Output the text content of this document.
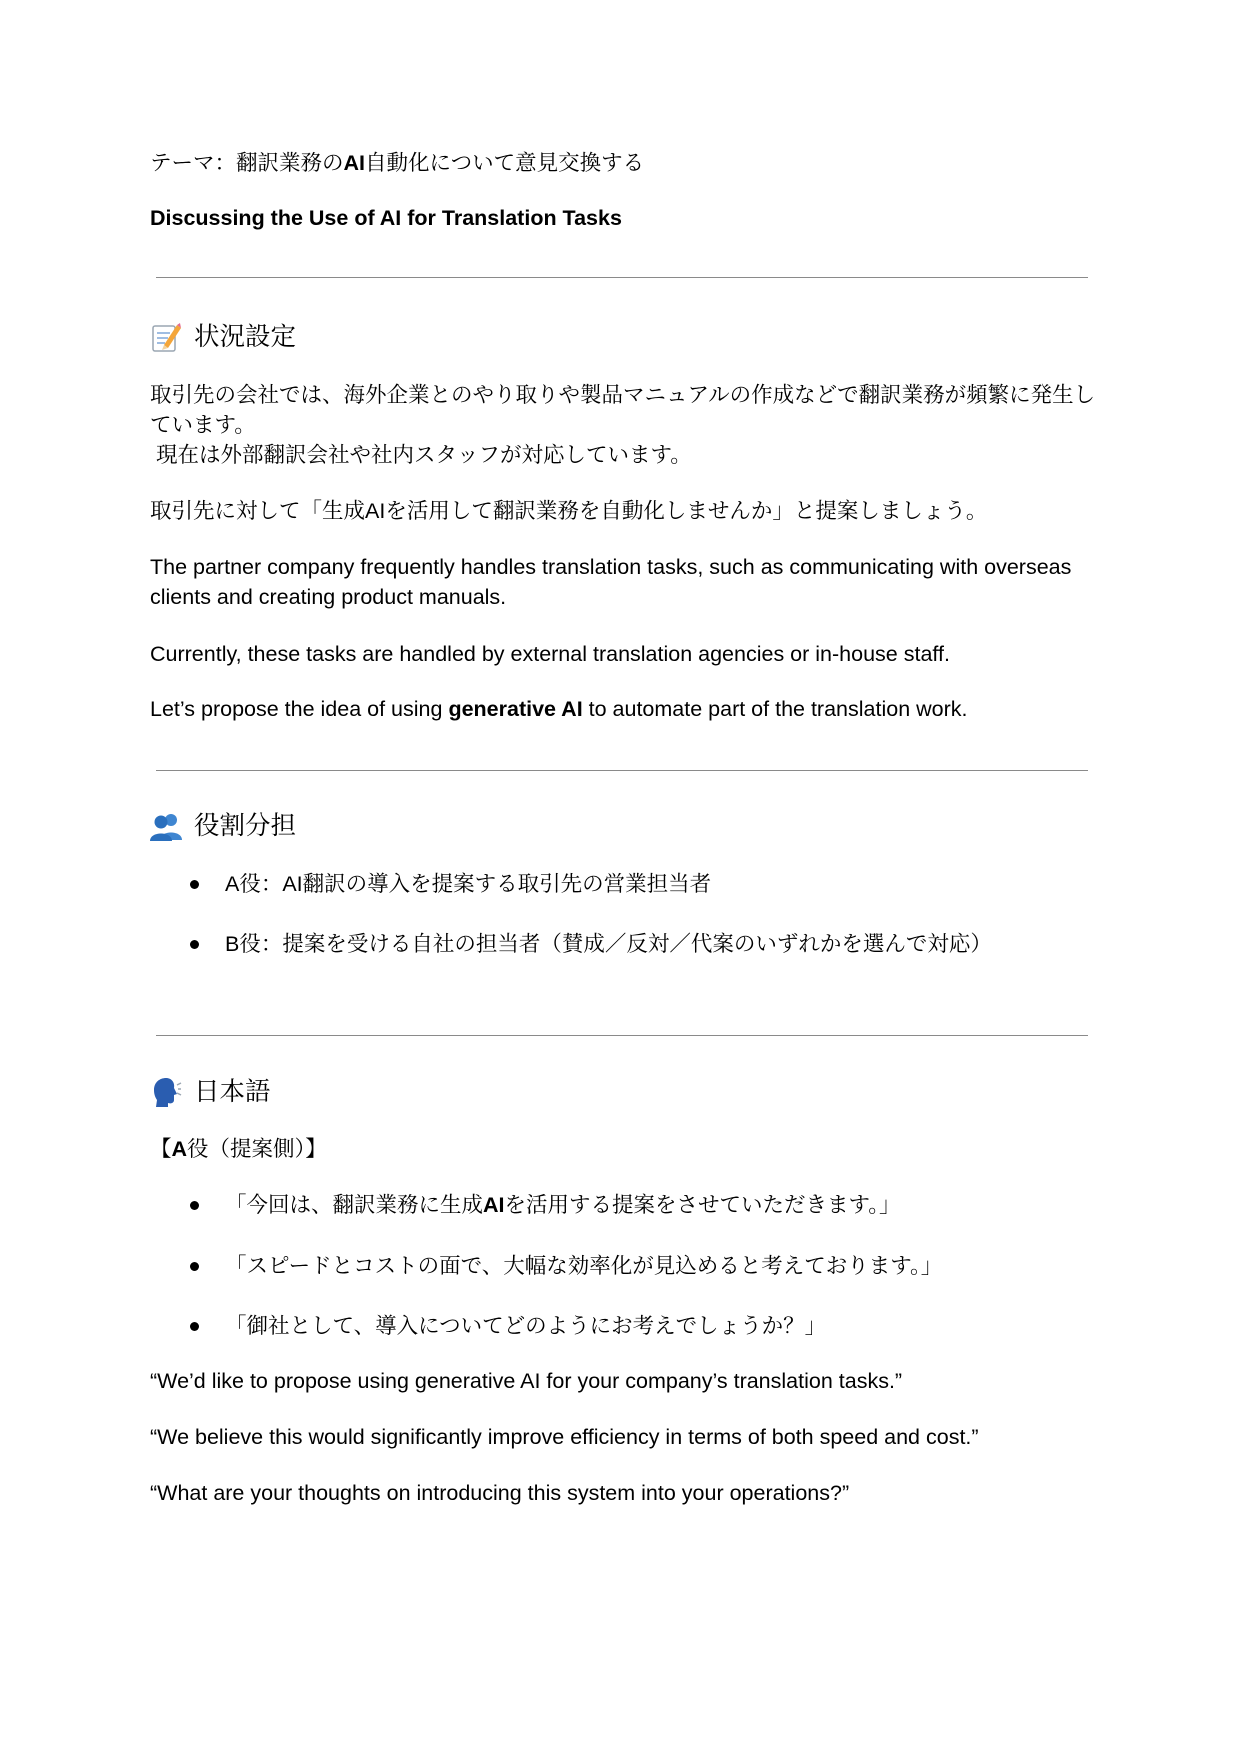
テーマ：翻訳業務のAI自動化について意見交換する

Discussing the Use of AI for Translation Tasks

状況設定

取引先の会社では、海外企業とのやり取りや製品マニュアルの作成などで翻訳業務が頻繁に発生しています。
現在は外部翻訳会社や社内スタッフが対応しています。

取引先に対して「生成AIを活用して翻訳業務を自動化しませんか」と提案しましょう。

The partner company frequently handles translation tasks, such as communicating with overseas clients and creating product manuals.

Currently, these tasks are handled by external translation agencies or in-house staff.

Let’s propose the idea of using generative AI to automate part of the translation work.

役割分担
A役：AI翻訳の導入を提案する取引先の営業担当者
B役：提案を受ける自社の担当者（賛成／反対／代案のいずれかを選んで対応）
日本語

【A役（提案側）】

「今回は、翻訳業務に生成AIを活用する提案をさせていただきます。」
「スピードとコストの面で、大幅な効率化が見込めると考えております。」
「御社として、導入についてどのようにお考えでしょうか？」

“We’d like to propose using generative AI for your company’s translation tasks.”

“We believe this would significantly improve efficiency in terms of both speed and cost.”

“What are your thoughts on introducing this system into your operations?”
